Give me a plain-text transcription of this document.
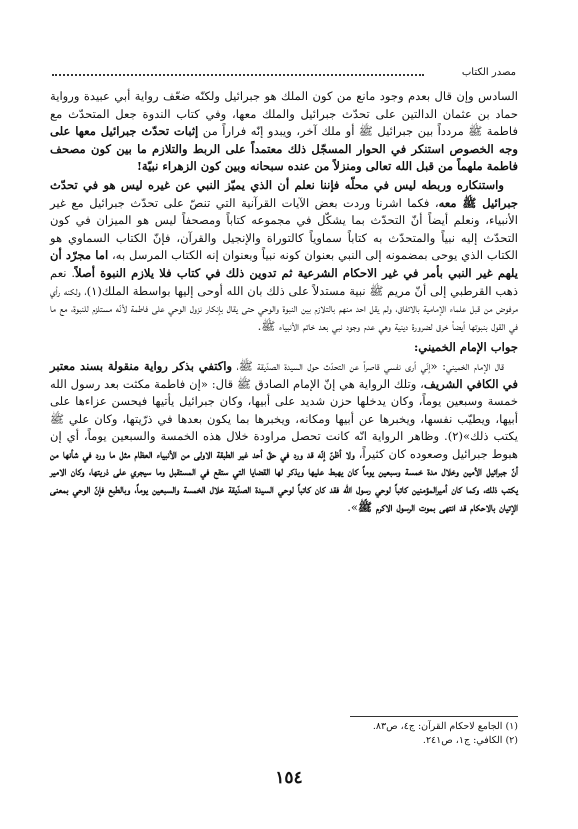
مصدر الكتاب

السادس وإن قال بعدم وجود مانع من كون الملك هو جبرائيل ولكنّه ضعّف رواية أبي عبيدة ورواية حماد بن عثمان الدالتين على تحدّث جبرائيل والملك معها، وفي كتاب الندوة جعل المتحدّث مع فاطمة ﷺ مردداً بين جبرائيل ﷺ أو ملك آخر، ويبدو إنّه فراراً من إثبات تحدّث جبرائيل معها على وجه الخصوص استنكر في الحوار المسجّل ذلك معتمداً على الربط والتلازم ما بين كون مصحف فاطمة ملهماً من قبل الله تعالى ومنزلاً من عنده سبحانه وبين كون الزهراء نبيّة!

واستنكاره وربطه ليس في محلّه فإننا نعلم أن الذي يميّز النبي عن غيره ليس هو في تحدّث جبرائيل ﷺ معه، فكما اشرنا وردت بعض الآيات القرآنية التي تنصّ على تحدّث جبرائيل مع غير الأنبياء، ونعلم أيضاً أنّ التحدّث بما يشكّل في مجموعه كتاباً ومصحفاً ليس هو الميزان في كون التحدّث إليه نبياً والمتحدّث به كتاباً سماوياً كالتوراة والإنجيل والقرآن، فإنّ الكتاب السماوي هو الكتاب الذي يوحى بمضمونه إلى النبي بعنوان كونه نبياً وبعنوان إنه الكتاب المرسل به، اما مجرّد أن يلهم غير النبي بأمر في غير الاحكام الشرعية ثم تدوين ذلك في كتاب فلا يلازم النبوة أصلاً. نعم ذهب القرطبي إلى أنّ مريم ﷺ نبية مستدلاً على ذلك بان الله أوحى إليها بواسطة الملك(١)، ولكنه رأي مرفوض من قبل علماء الإمامية بالاتفاق، ولم يقل احد منهم بالتلازم بين النبوة والوحي حتى يقال بإنكار نزول الوحي على فاطمة لأنّه مستلزم للنبوة، مع ما في القول بنبوتها أيضاً خرق لضرورة دينية وهي عدم وجود نبي بعد خاتم الأنبياء ﷺ.

جواب الإمام الخميني:

قال الإمام الخميني: «إنّي أرى نفسي قاصراً عن التحدّث حول السيدة الصدّيقة ﷺ، واكتفي بذكر رواية منقولة بسند معتبر في الكافي الشريف، وتلك الرواية هي إنّ الإمام الصادق ﷺ قال: «إن فاطمة مكثت بعد رسول الله خمسة وسبعين يوماً، وكان يدخلها حزن شديد على أبيها، وكان جبرائيل يأتيها فيحسن عزاءها على أبيها، ويطيّب نفسها، ويخبرها عن أبيها ومكانه، ويخبرها بما يكون بعدها في ذرّيتها، وكان علي ﷺ يكتب ذلك»(٢). وظاهر الرواية انّه كانت تحصل مراودة خلال هذه الخمسة والسبعين يوماً، أي إن هبوط جبرائيل وصعوده كان كثيراً، ولا أظنّ إنّه قد ورد في حقّ أحد غير الطبقة الاولى من الأنبياء العظام مثل ما ورد في شأنها من أنّ جبرائيل الأمين وخلال مدة خمسة وسبعين يوماً كان يهبط عليها ويذكر لها القضايا التي ستقع في المستقبل وما سيجري على ذريتها، وكان الامير يكتب ذلك، وكما كان أميرالمؤمنين كاتباً لوحي رسول الله فقد كان كاتباً لوحي السيدة الصدّيقة خلال الخمسة والسبعين يوماً، وبالطبع فإنّ الوحي بمعنى الإتيان بالاحكام قد انتهى بموت الرسول الاكرم ﷺ».

(١) الجامع لاحكام القرآن: ج٤، ص٨٣.
(٢) الكافي: ج١، ص٢٤١.
١٥٤
